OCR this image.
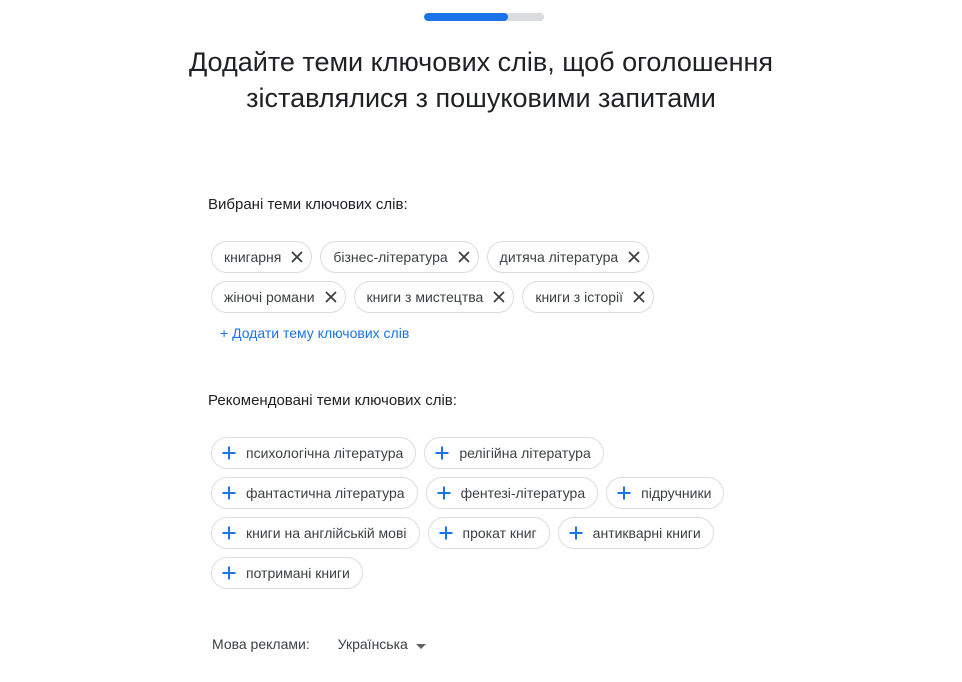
Додайте теми ключових слів, щоб оголошення зіставлялися з пошуковими запитами
Вибрані теми ключових слів:
книгарня	бізнес-література	дитяча література
жіночі романи	книги з мистецтва	книги з історії
+ Додати тему ключових слів
Рекомендовані теми ключових слів:
психологічна література	релігійна література
фантастична література	фентезі-література	підручники
книги на англійській мові	прокат книг	антикварні книги
потримані книги
Мова реклами: Українська
